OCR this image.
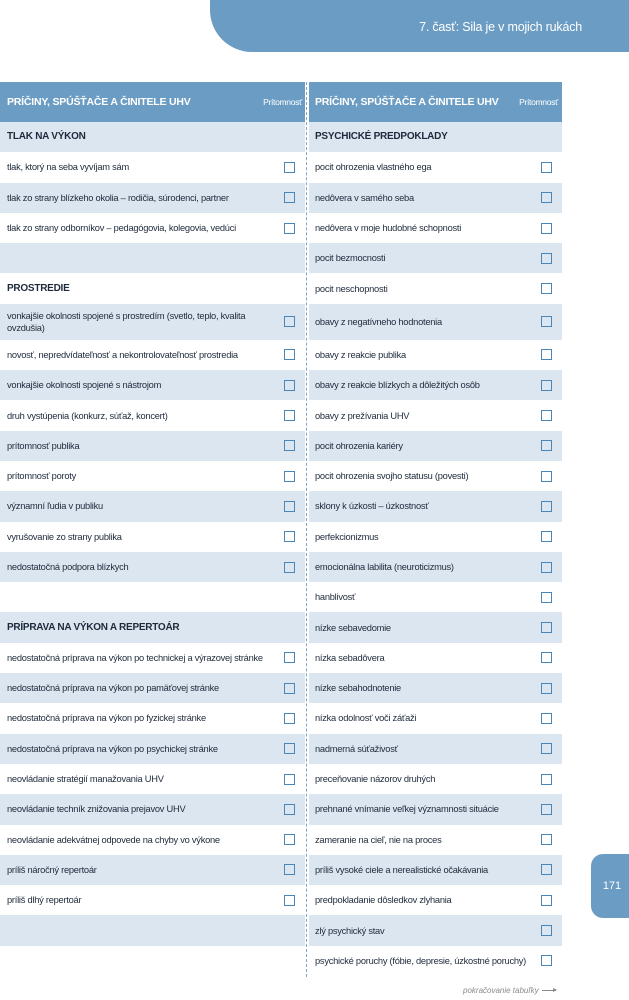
7. časť: Sila je v mojich rukách
PRÍČINY, SPÚŠŤAČE A ČINITELE UHV	Prítomnosť
TLAK NA VÝKON
tlak, ktorý na seba vyvíjam sám
tlak zo strany blízkeho okolia – rodičia, súrodenci, partner
tlak zo strany odborníkov – pedagógovia, kolegovia, vedúci
PROSTREDIE
vonkajšie okolnosti spojené s prostredím (svetlo, teplo, kvalita ovzdušia)
novosť, nepredvídateľnosť a nekontrolovateľnosť prostredia
vonkajšie okolnosti spojené s nástrojom
druh vystúpenia (konkurz, súťaž, koncert)
prítomnosť publika
prítomnosť poroty
významní ľudia v publiku
vyrušovanie zo strany publika
nedostatočná podpora blízkych
PRÍPRAVA NA VÝKON A REPERTOÁR
nedostatočná príprava na výkon po technickej a výrazovej stránke
nedostatočná príprava na výkon po pamäťovej stránke
nedostatočná príprava na výkon po fyzickej stránke
nedostatočná príprava na výkon po psychickej stránke
neovládanie stratégií manažovania UHV
neovládanie techník znižovania prejavov UHV
neovládanie adekvátnej odpovede na chyby vo výkone
príliš náročný repertoár
príliš dlhý repertoár
PRÍČINY, SPÚŠŤAČE A ČINITELE UHV Prítomnosť
PSYCHICKÉ PREDPOKLADY
pocit ohrozenia vlastného ega
nedôvera v samého seba
nedôvera v moje hudobné schopnosti
pocit bezmocnosti
pocit neschopnosti
obavy z negatívneho hodnotenia
obavy z reakcie publika
obavy z reakcie blízkych a dôležitých osôb
obavy z prežívania UHV
pocit ohrozenia kariéry
pocit ohrozenia svojho statusu (povesti)
sklony k úzkosti – úzkostnosť
perfekcionizmus
emocionálna labilita (neuroticizmus)
hanblivosť
nízke sebavedomie
nízka sebadôvera
nízke sebahodnotenie
nízka odolnosť voči záťaži
nadmerná súťaživosť
preceňovanie názorov druhých
prehnané vnímanie veľkej významnosti situácie
zameranie na cieľ, nie na proces
príliš vysoké ciele a nerealistické očakávania
predpokladanie dôsledkov zlyhania
zlý psychický stav
psychické poruchy (fóbie, depresie, úzkostné poruchy)
171
pokračovanie tabuľky
